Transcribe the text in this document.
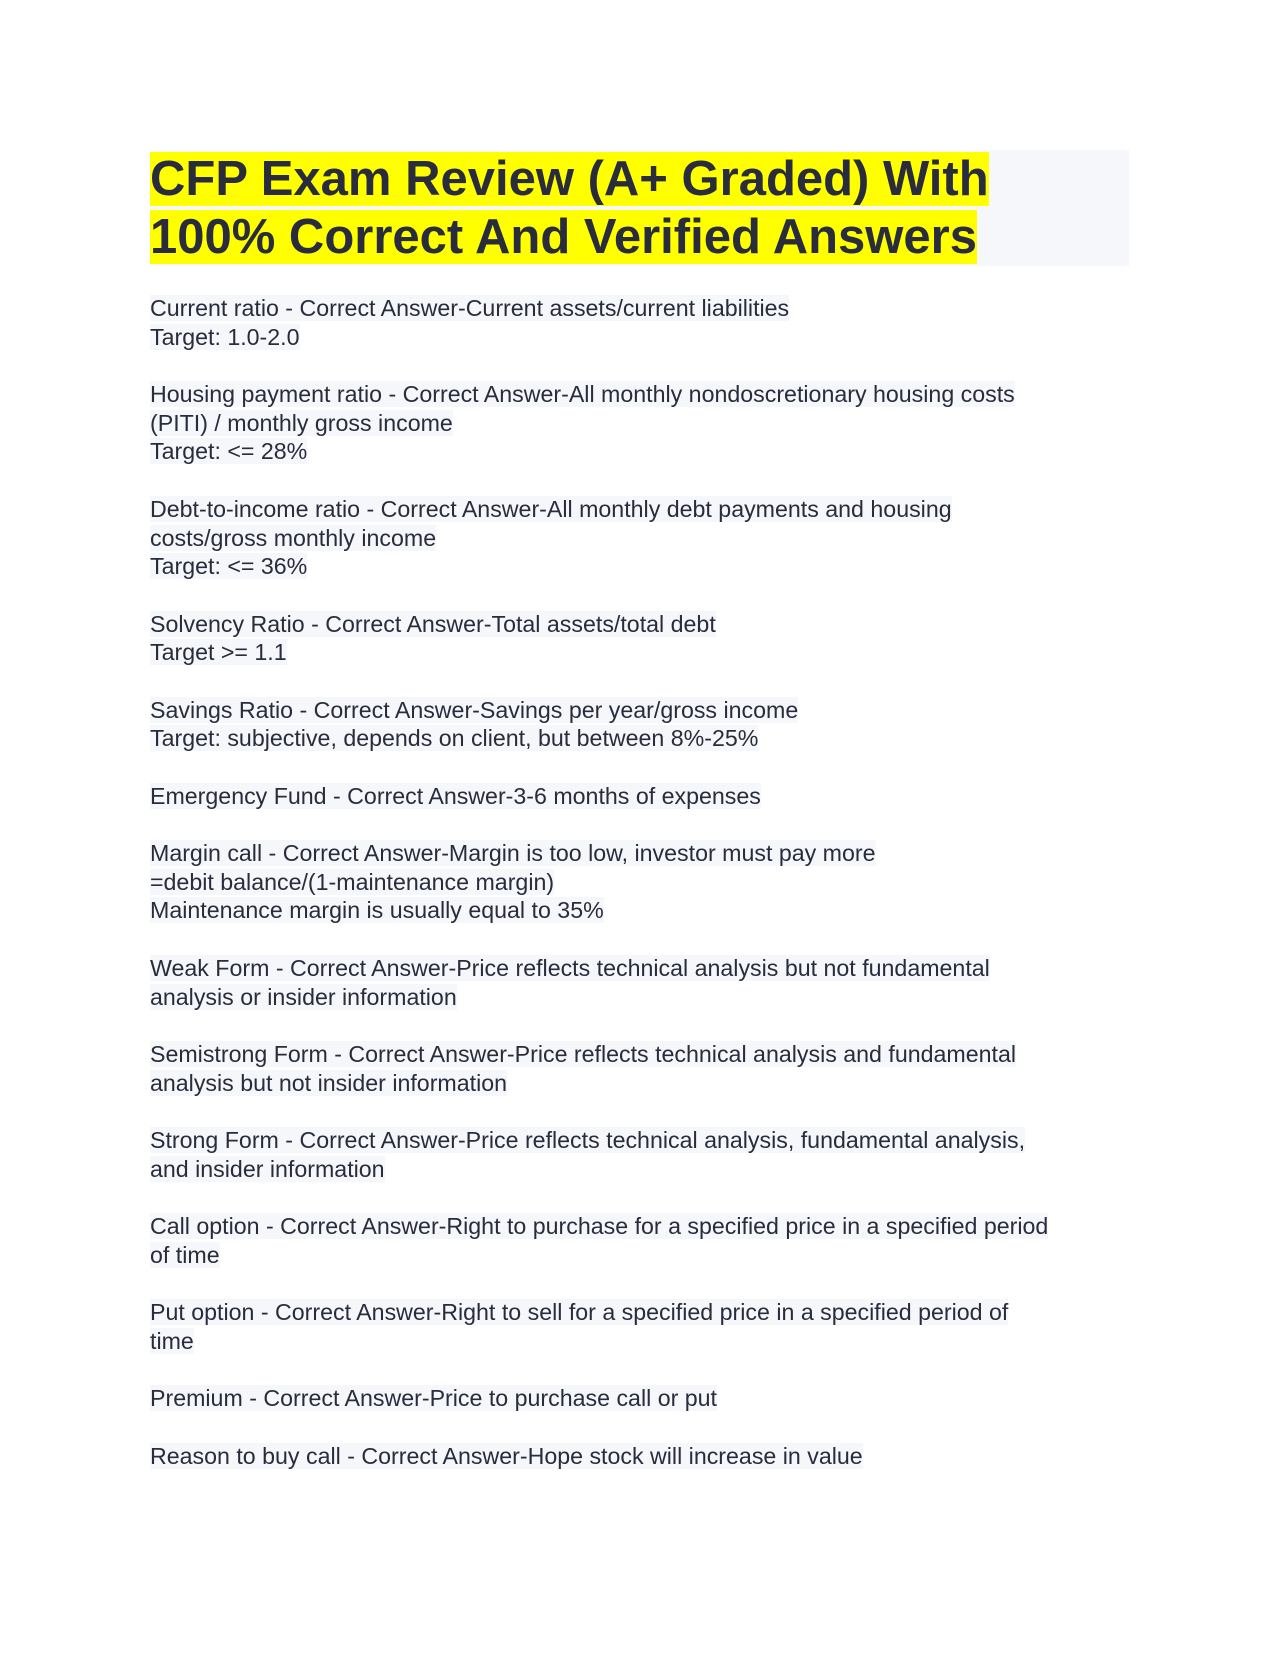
CFP Exam Review (A+ Graded) With
100% Correct And Verified Answers
Current ratio - Correct Answer-Current assets/current liabilities
Target: 1.0-2.0
Housing payment ratio - Correct Answer-All monthly nondoscretionary housing costs
(PITI) / monthly gross income
Target: <= 28%
Debt-to-income ratio - Correct Answer-All monthly debt payments and housing
costs/gross monthly income
Target: <= 36%
Solvency Ratio - Correct Answer-Total assets/total debt
Target >= 1.1
Savings Ratio - Correct Answer-Savings per year/gross income
Target: subjective, depends on client, but between 8%-25%
Emergency Fund - Correct Answer-3-6 months of expenses
Margin call - Correct Answer-Margin is too low, investor must pay more
=debit balance/(1-maintenance margin)
Maintenance margin is usually equal to 35%
Weak Form - Correct Answer-Price reflects technical analysis but not fundamental
analysis or insider information
Semistrong Form - Correct Answer-Price reflects technical analysis and fundamental
analysis but not insider information
Strong Form - Correct Answer-Price reflects technical analysis, fundamental analysis,
and insider information
Call option - Correct Answer-Right to purchase for a specified price in a specified period
of time
Put option - Correct Answer-Right to sell for a specified price in a specified period of
time
Premium - Correct Answer-Price to purchase call or put
Reason to buy call - Correct Answer-Hope stock will increase in value
